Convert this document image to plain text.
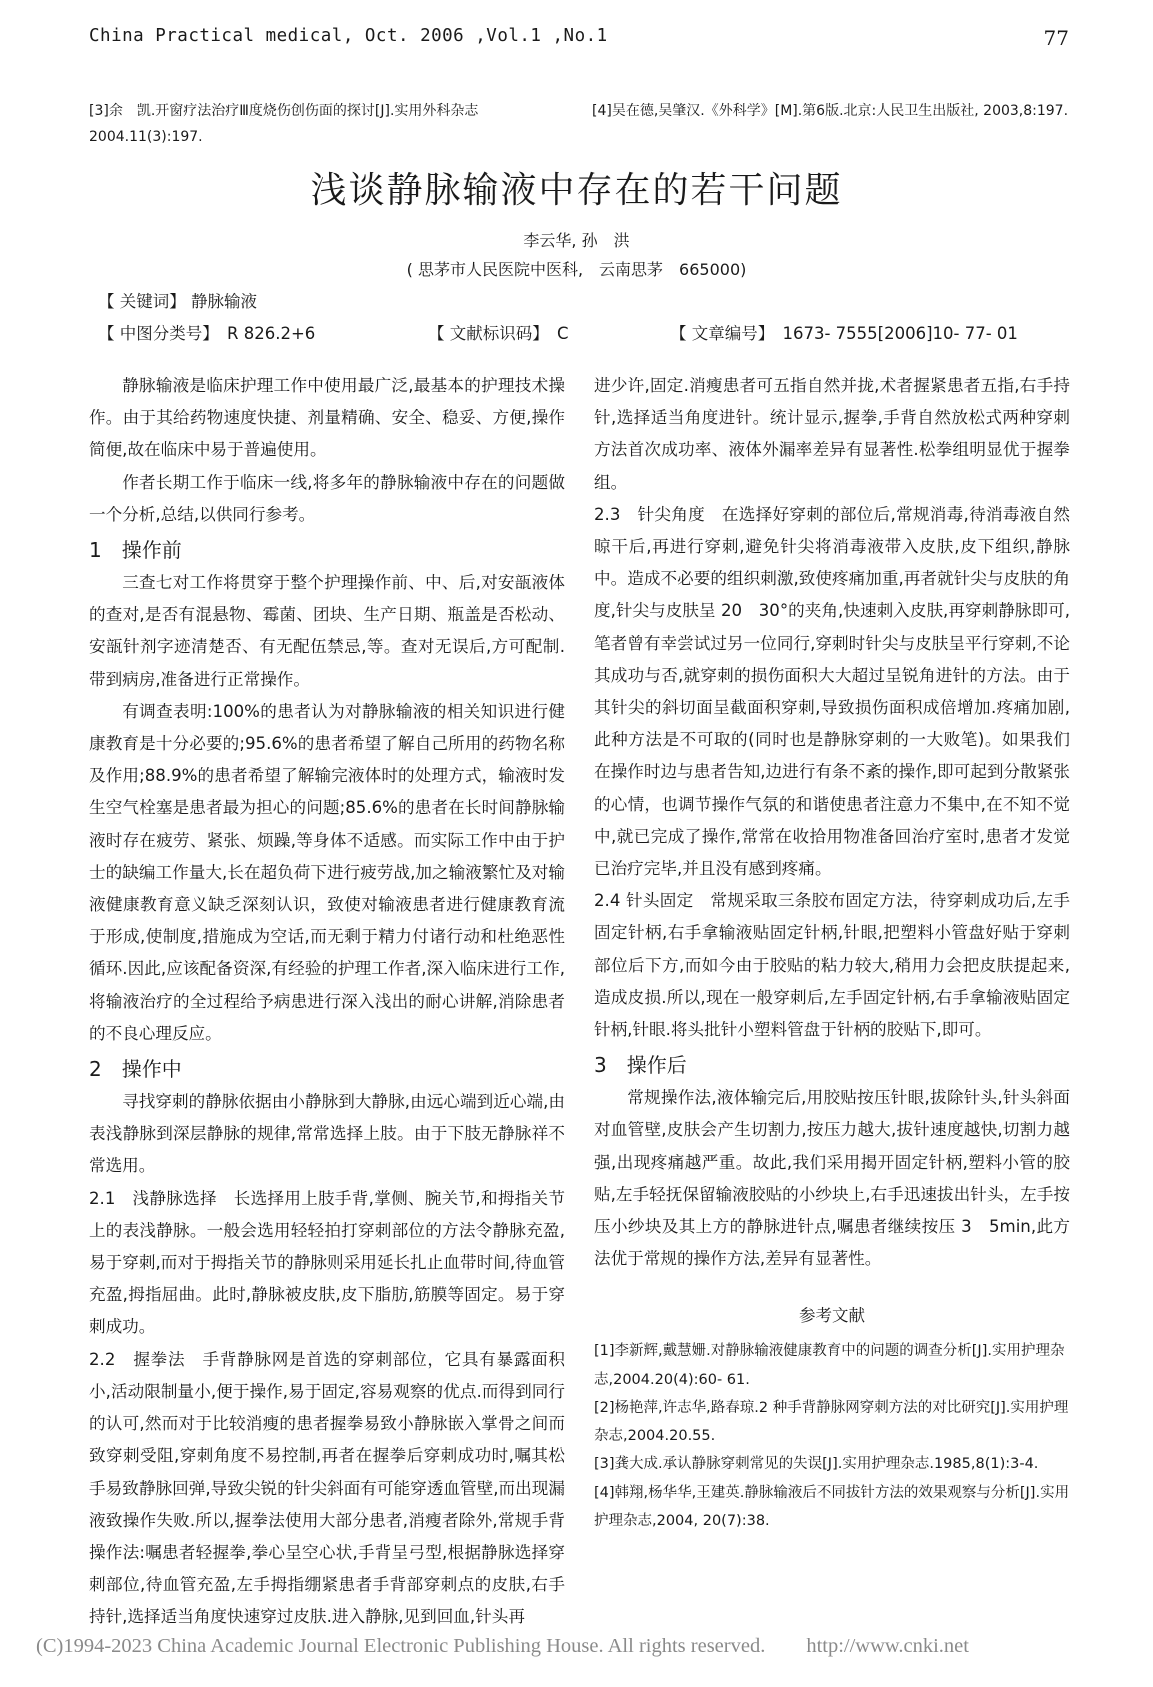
China Practical medical, Oct. 2006 ,Vol.1 ,No.1	77
[3]余　凯.开窗疗法治疗Ⅲ度烧伤创伤面的探讨[J].实用外科杂志 2004.11(3):197.
[4]吴在德,吴肇汉.《外科学》[M].第6版.北京:人民卫生出版社, 2003,8:197.
浅谈静脉输液中存在的若干问题
李云华, 孙　洪
( 思茅市人民医院中医科,　云南思茅　665000)
【 关键词】 静脉输液
【 中图分类号】　R 826.2+6	【 文献标识码】　C	【 文章编号】　1673- 7555[2006]10- 77- 01

静脉输液是临床护理工作中使用最广泛,最基本的护理技术操作。由于其给药物速度快捷、剂量精确、安全、稳妥、方便,操作简便,故在临床中易于普遍使用。

作者长期工作于临床一线,将多年的静脉输液中存在的问题做一个分析,总结,以供同行参考。

1　操作前

三查七对工作将贯穿于整个护理操作前、中、后,对安瓿液体的查对,是否有混悬物、霉菌、团块、生产日期、瓶盖是否松动、安瓿针剂字迹清楚否、有无配伍禁忌,等。查对无误后,方可配制.带到病房,准备进行正常操作。

有调查表明:100%的患者认为对静脉输液的相关知识进行健康教育是十分必要的;95.6%的患者希望了解自己所用的药物名称及作用;88.9%的患者希望了解输完液体时的处理方式，输液时发生空气栓塞是患者最为担心的问题;85.6%的患者在长时间静脉输液时存在疲劳、紧张、烦躁,等身体不适感。而实际工作中由于护士的缺编工作量大,长在超负荷下进行疲劳战,加之输液繁忙及对输液健康教育意义缺乏深刻认识，致使对输液患者进行健康教育流于形成,使制度,措施成为空话,而无剩于精力付诸行动和杜绝恶性循环.因此,应该配备资深,有经验的护理工作者,深入临床进行工作,将输液治疗的全过程给予病患进行深入浅出的耐心讲解,消除患者的不良心理反应。

2　操作中

寻找穿刺的静脉依据由小静脉到大静脉,由远心端到近心端,由表浅静脉到深层静脉的规律,常常选择上肢。由于下肢无静脉祥不常选用。

2.1　浅静脉选择　长选择用上肢手背,掌侧、腕关节,和拇指关节上的表浅静脉。一般会选用轻轻拍打穿刺部位的方法令静脉充盈,易于穿刺,而对于拇指关节的静脉则采用延长扎止血带时间,待血管充盈,拇指屈曲。此时,静脉被皮肤,皮下脂肪,筋膜等固定。易于穿刺成功。

2.2　握拳法　手背静脉网是首选的穿刺部位，它具有暴露面积小,活动限制量小,便于操作,易于固定,容易观察的优点.而得到同行的认可,然而对于比较消瘦的患者握拳易致小静脉嵌入掌骨之间而致穿刺受阻,穿刺角度不易控制,再者在握拳后穿刺成功时,嘱其松手易致静脉回弹,导致尖锐的针尖斜面有可能穿透血管壁,而出现漏液致操作失败.所以,握拳法使用大部分患者,消瘦者除外,常规手背操作法:嘱患者轻握拳,拳心呈空心状,手背呈弓型,根据静脉选择穿刺部位,待血管充盈,左手拇指绷紧患者手背部穿刺点的皮肤,右手持针,选择适当角度快速穿过皮肤.进入静脉,见到回血,针头再

进少许,固定.消瘦患者可五指自然并拢,术者握紧患者五指,右手持针,选择适当角度进针。统计显示,握拳,手背自然放松式两种穿刺方法首次成功率、液体外漏率差异有显著性.松拳组明显优于握拳组。

2.3　针尖角度　在选择好穿刺的部位后,常规消毒,待消毒液自然晾干后,再进行穿刺,避免针尖将消毒液带入皮肤,皮下组织,静脉中。造成不必要的组织刺激,致使疼痛加重,再者就针尖与皮肤的角度,针尖与皮肤呈 20　30°的夹角,快速刺入皮肤,再穿刺静脉即可,笔者曾有幸尝试过另一位同行,穿刺时针尖与皮肤呈平行穿刺,不论其成功与否,就穿刺的损伤面积大大超过呈锐角进针的方法。由于其针尖的斜切面呈截面积穿刺,导致损伤面积成倍增加.疼痛加剧,此种方法是不可取的(同时也是静脉穿刺的一大败笔)。如果我们在操作时边与患者告知,边进行有条不紊的操作,即可起到分散紧张的心情，也调节操作气氛的和谐使患者注意力不集中,在不知不觉中,就已完成了操作,常常在收拾用物准备回治疗室时,患者才发觉已治疗完毕,并且没有感到疼痛。

2.4 针头固定　常规采取三条胶布固定方法，待穿刺成功后,左手固定针柄,右手拿输液贴固定针柄,针眼,把塑料小管盘好贴于穿刺部位后下方,而如今由于胶贴的粘力较大,稍用力会把皮肤提起来,造成皮损.所以,现在一般穿刺后,左手固定针柄,右手拿输液贴固定针柄,针眼.将头批针小塑料管盘于针柄的胶贴下,即可。

3　操作后

常规操作法,液体输完后,用胶贴按压针眼,拔除针头,针头斜面对血管壁,皮肤会产生切割力,按压力越大,拔针速度越快,切割力越强,出现疼痛越严重。故此,我们采用揭开固定针柄,塑料小管的胶贴,左手轻抚保留输液胶贴的小纱块上,右手迅速拔出针头，左手按压小纱块及其上方的静脉进针点,嘱患者继续按压 3　5min,此方法优于常规的操作方法,差异有显著性。

参考文献

[1]李新辉,戴慧姗.对静脉输液健康教育中的问题的调查分析[J].实用护理杂志,2004.20(4):60- 61.

[2]杨艳萍,许志华,路春琼.2 种手背静脉网穿刺方法的对比研究[J].实用护理杂志,2004.20.55.

[3]龚大成.承认静脉穿刺常见的失误[J].实用护理杂志.1985,8(1):3-4.

[4]韩翔,杨华华,王建英.静脉输液后不同拔针方法的效果观察与分析[J].实用护理杂志,2004, 20(7):38.

(C)1994-2023 China Academic Journal Electronic Publishing House. All rights reserved.　　http://www.cnki.net
